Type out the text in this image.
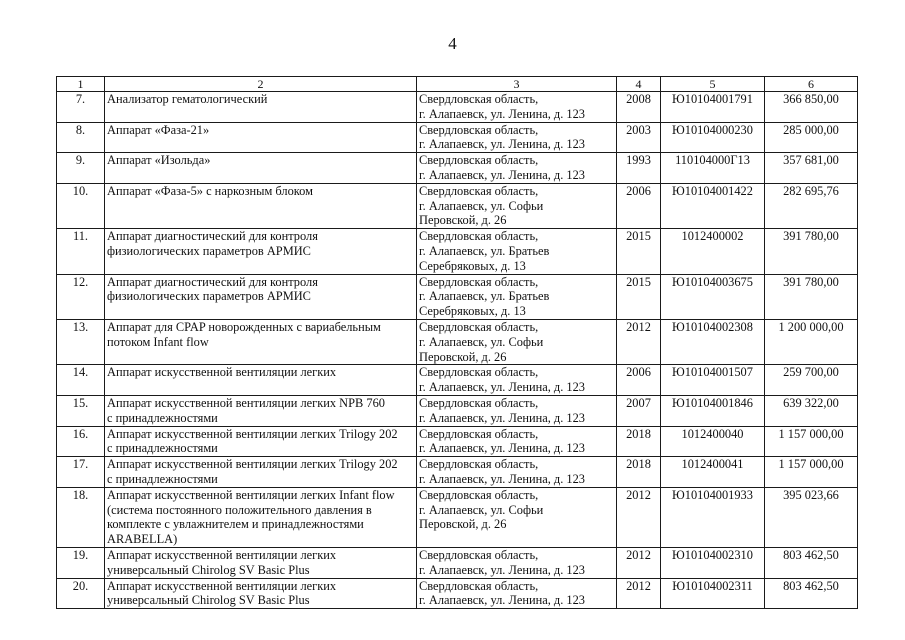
4
1	2	3	4	5	6
7.	Анализатор гематологический	Свердловская область,
г. Алапаевск, ул. Ленина, д. 123	2008	Ю10104001791	366 850,00
8.	Аппарат «Фаза-21»	Свердловская область,
г. Алапаевск, ул. Ленина, д. 123	2003	Ю10104000230	285 000,00
9.	Аппарат «Изольда»	Свердловская область,
г. Алапаевск, ул. Ленина, д. 123	1993	110104000Г13	357 681,00
10.	Аппарат «Фаза-5» с наркозным блоком	Свердловская область,
г. Алапаевск, ул. Софьи
Перовской, д. 26	2006	Ю10104001422	282 695,76
11.	Аппарат диагностический для контроля
физиологических параметров АРМИС	Свердловская область,
г. Алапаевск, ул. Братьев
Серебряковых, д. 13	2015	1012400002	391 780,00
12.	Аппарат диагностический для контроля
физиологических параметров АРМИС	Свердловская область,
г. Алапаевск, ул. Братьев
Серебряковых, д. 13	2015	Ю10104003675	391 780,00
13.	Аппарат для CPAP новорожденных с вариабельным
потоком Infant flow	Свердловская область,
г. Алапаевск, ул. Софьи
Перовской, д. 26	2012	Ю10104002308	1 200 000,00
14.	Аппарат искусственной вентиляции легких	Свердловская область,
г. Алапаевск, ул. Ленина, д. 123	2006	Ю10104001507	259 700,00
15.	Аппарат искусственной вентиляции легких NPB 760
с принадлежностями	Свердловская область,
г. Алапаевск, ул. Ленина, д. 123	2007	Ю10104001846	639 322,00
16.	Аппарат искусственной вентиляции легких Trilogy 202
с принадлежностями	Свердловская область,
г. Алапаевск, ул. Ленина, д. 123	2018	1012400040	1 157 000,00
17.	Аппарат искусственной вентиляции легких Trilogy 202
с принадлежностями	Свердловская область,
г. Алапаевск, ул. Ленина, д. 123	2018	1012400041	1 157 000,00
18.	Аппарат искусственной вентиляции легких Infant flow
(система постоянного положительного давления в
комплекте с увлажнителем и принадлежностями
ARABELLA)	Свердловская область,
г. Алапаевск, ул. Софьи
Перовской, д. 26	2012	Ю10104001933	395 023,66
19.	Аппарат искусственной вентиляции легких
универсальный Chirolog SV Basic Plus	Свердловская область,
г. Алапаевск, ул. Ленина, д. 123	2012	Ю10104002310	803 462,50
20.	Аппарат искусственной вентиляции легких
универсальный Chirolog SV Basic Plus	Свердловская область,
г. Алапаевск, ул. Ленина, д. 123	2012	Ю10104002311	803 462,50
